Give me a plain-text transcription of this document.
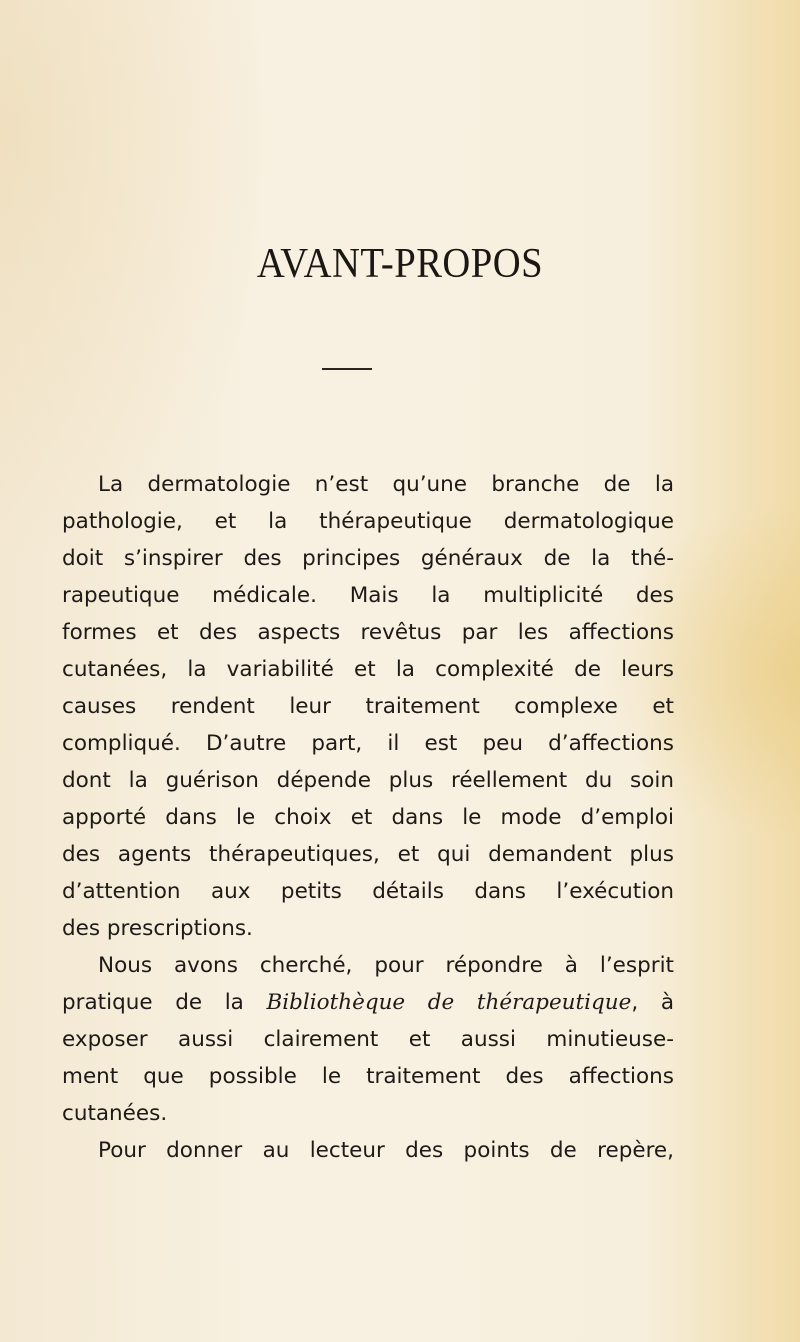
AVANT-PROPOS
La dermatologie n’est qu’une branche de la
pathologie, et la thérapeutique dermatologique
doit s’inspirer des principes généraux de la thé-
rapeutique médicale. Mais la multiplicité des
formes et des aspects revêtus par les affections
cutanées, la variabilité et la complexité de leurs
causes rendent leur traitement complexe et
compliqué. D’autre part, il est peu d’affections
dont la guérison dépende plus réellement du soin
apporté dans le choix et dans le mode d’emploi
des agents thérapeutiques, et qui demandent plus
d’attention aux petits détails dans l’exécution
des prescriptions.
Nous avons cherché, pour répondre à l’esprit
pratique de la Bibliothèque de thérapeutique, à
exposer aussi clairement et aussi minutieuse-
ment que possible le traitement des affections
cutanées.
Pour donner au lecteur des points de repère,
